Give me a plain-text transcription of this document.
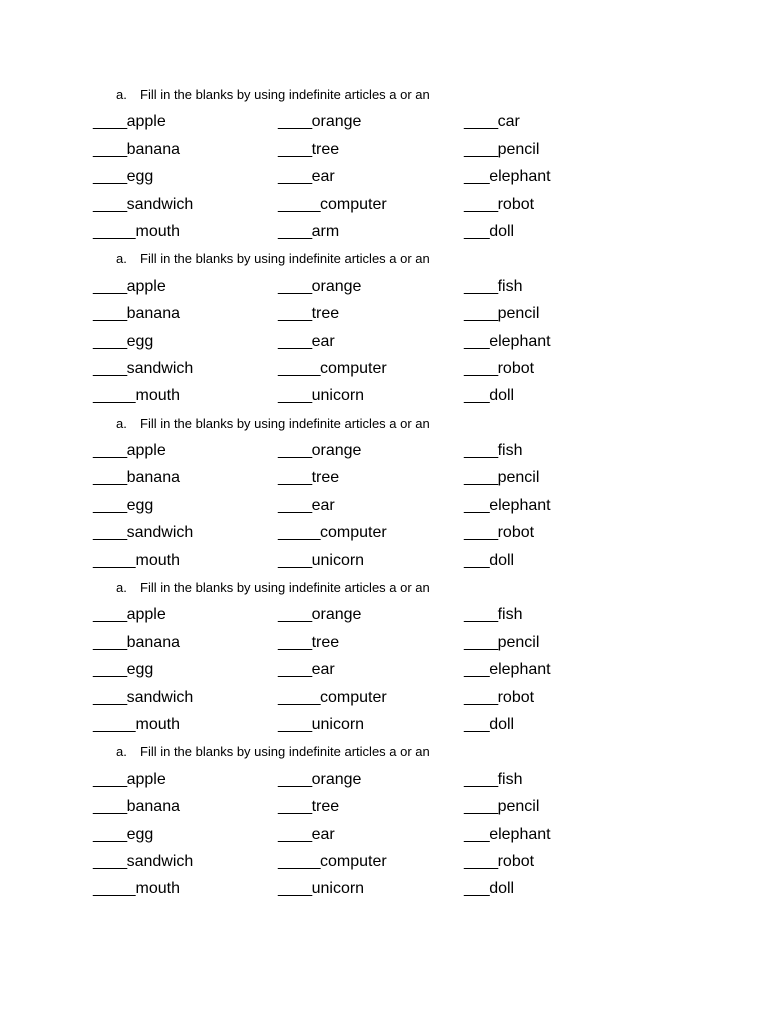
a.	Fill in the blanks by using indefinite articles a or an
____apple	____orange	____car
____banana	____tree	____pencil
____egg	____ear	___elephant
____sandwich	_____computer	____robot
_____mouth	____arm	___doll
a.	Fill in the blanks by using indefinite articles a or an
____apple	____orange	____fish
____banana	____tree	____pencil
____egg	____ear	___elephant
____sandwich	_____computer	____robot
_____mouth	____unicorn	___doll
a.	Fill in the blanks by using indefinite articles a or an
____apple	____orange	____fish
____banana	____tree	____pencil
____egg	____ear	___elephant
____sandwich	_____computer	____robot
_____mouth	____unicorn	___doll
a.	Fill in the blanks by using indefinite articles a or an
____apple	____orange	____fish
____banana	____tree	____pencil
____egg	____ear	___elephant
____sandwich	_____computer	____robot
_____mouth	____unicorn	___doll
a.	Fill in the blanks by using indefinite articles a or an
____apple	____orange	____fish
____banana	____tree	____pencil
____egg	____ear	___elephant
____sandwich	_____computer	____robot
_____mouth	____unicorn	___doll
